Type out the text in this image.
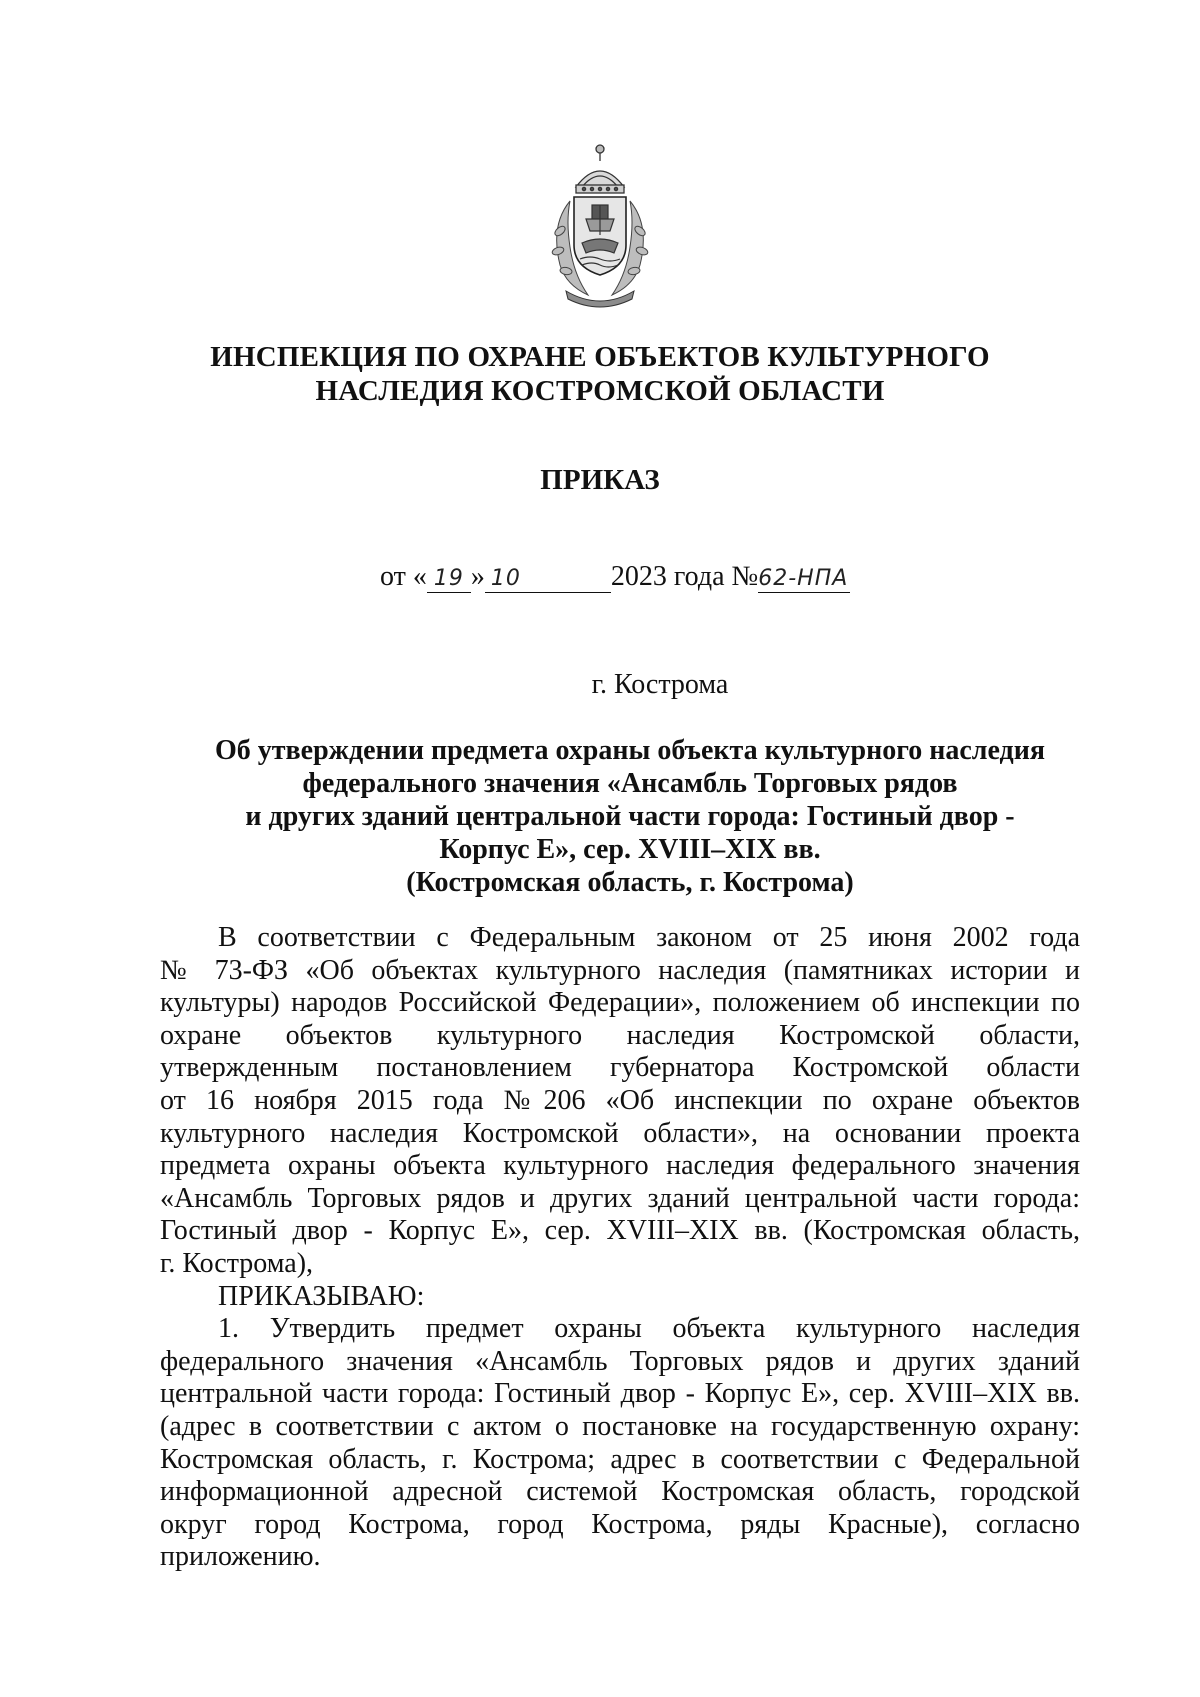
ИНСПЕКЦИЯ ПО ОХРАНЕ ОБЪЕКТОВ КУЛЬТУРНОГО
НАСЛЕДИЯ КОСТРОМСКОЙ ОБЛАСТИ
ПРИКАЗ
от « 19 » 10	2023 года №62-НПА
г. Кострома
Об утверждении предмета охраны объекта культурного наследия
федерального значения «Ансамбль Торговых рядов
и других зданий центральной части города: Гостиный двор -
Корпус Е», сер. XVIII–XIX вв.
(Костромская область, г. Кострома)
В соответствии с Федеральным законом от 25 июня 2002 года
№ 73-ФЗ «Об объектах культурного наследия (памятниках истории и
культуры) народов Российской Федерации», положением об инспекции по
охране объектов культурного наследия Костромской области,
утвержденным постановлением губернатора Костромской области
от 16 ноября 2015 года №206 «Об инспекции по охране объектов
культурного наследия Костромской области», на основании проекта
предмета охраны объекта культурного наследия федерального значения
«Ансамбль Торговых рядов и других зданий центральной части города:
Гостиный двор - Корпус Е», сер. XVIII–XIX вв. (Костромская область,
г. Кострома),
ПРИКАЗЫВАЮ:
1. Утвердить предмет охраны объекта культурного наследия
федерального значения «Ансамбль Торговых рядов и других зданий
центральной части города: Гостиный двор - Корпус Е», сер. XVIII–XIX вв.
(адрес в соответствии с актом о постановке на государственную охрану:
Костромская область, г. Кострома; адрес в соответствии с Федеральной
информационной адресной системой Костромская область, городской
округ город Кострома, город Кострома, ряды Красные), согласно
приложению.
